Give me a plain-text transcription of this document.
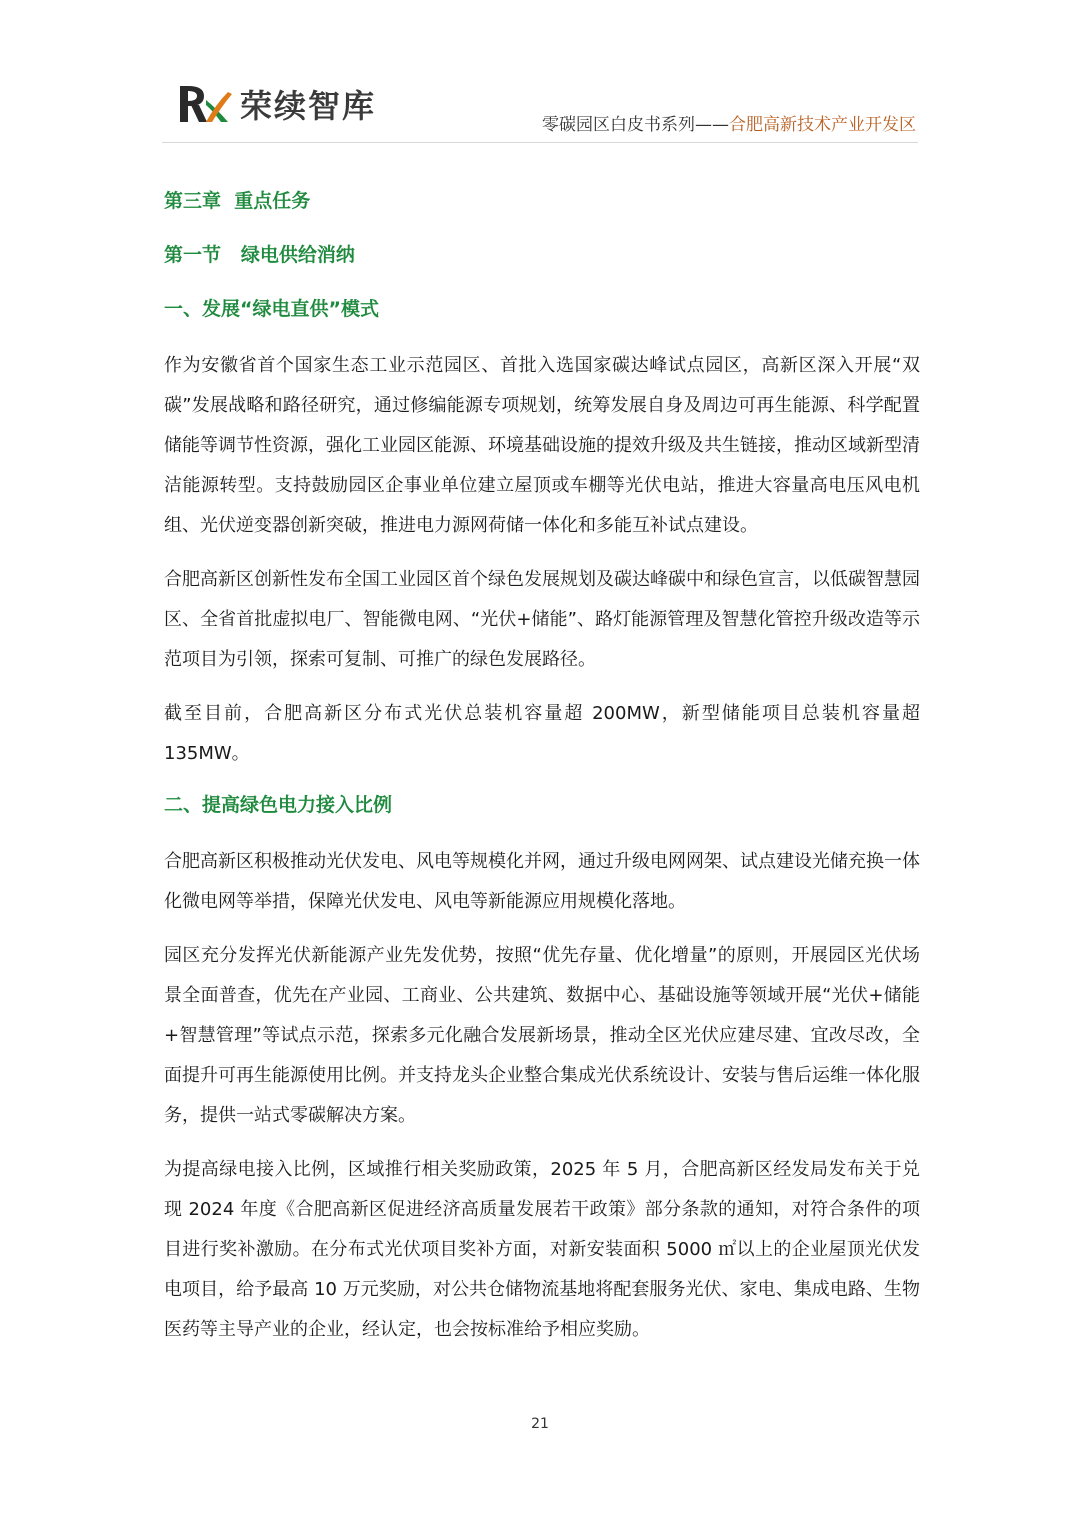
荣续智库	零碳园区白皮书系列——合肥高新技术产业开发区
第三章  重点任务
第一节   绿电供给消纳
一、发展“绿电直供”模式

作为安徽省首个国家生态工业示范园区、首批入选国家碳达峰试点园区，高新区深入开展“双碳”发展战略和路径研究，通过修编能源专项规划，统筹发展自身及周边可再生能源、科学配置储能等调节性资源，强化工业园区能源、环境基础设施的提效升级及共生链接，推动区域新型清洁能源转型。支持鼓励园区企事业单位建立屋顶或车棚等光伏电站，推进大容量高电压风电机组、光伏逆变器创新突破，推进电力源网荷储一体化和多能互补试点建设。

合肥高新区创新性发布全国工业园区首个绿色发展规划及碳达峰碳中和绿色宣言，以低碳智慧园区、全省首批虚拟电厂、智能微电网、“光伏+储能”、路灯能源管理及智慧化管控升级改造等示范项目为引领，探索可复制、可推广的绿色发展路径。

截至目前，合肥高新区分布式光伏总装机容量超 200MW，新型储能项目总装机容量超 135MW。

二、提高绿色电力接入比例

合肥高新区积极推动光伏发电、风电等规模化并网，通过升级电网网架、试点建设光储充换一体化微电网等举措，保障光伏发电、风电等新能源应用规模化落地。

园区充分发挥光伏新能源产业先发优势，按照“优先存量、优化增量”的原则，开展园区光伏场景全面普查，优先在产业园、工商业、公共建筑、数据中心、基础设施等领域开展“光伏+储能+智慧管理”等试点示范，探索多元化融合发展新场景，推动全区光伏应建尽建、宜改尽改，全面提升可再生能源使用比例。并支持龙头企业整合集成光伏系统设计、安装与售后运维一体化服务，提供一站式零碳解决方案。

为提高绿电接入比例，区域推行相关奖励政策，2025 年 5 月，合肥高新区经发局发布关于兑现 2024 年度《合肥高新区促进经济高质量发展若干政策》部分条款的通知，对符合条件的项目进行奖补激励。在分布式光伏项目奖补方面，对新安装面积 5000 ㎡以上的企业屋顶光伏发电项目，给予最高 10 万元奖励，对公共仓储物流基地将配套服务光伏、家电、集成电路、生物医药等主导产业的企业，经认定，也会按标准给予相应奖励。

21
